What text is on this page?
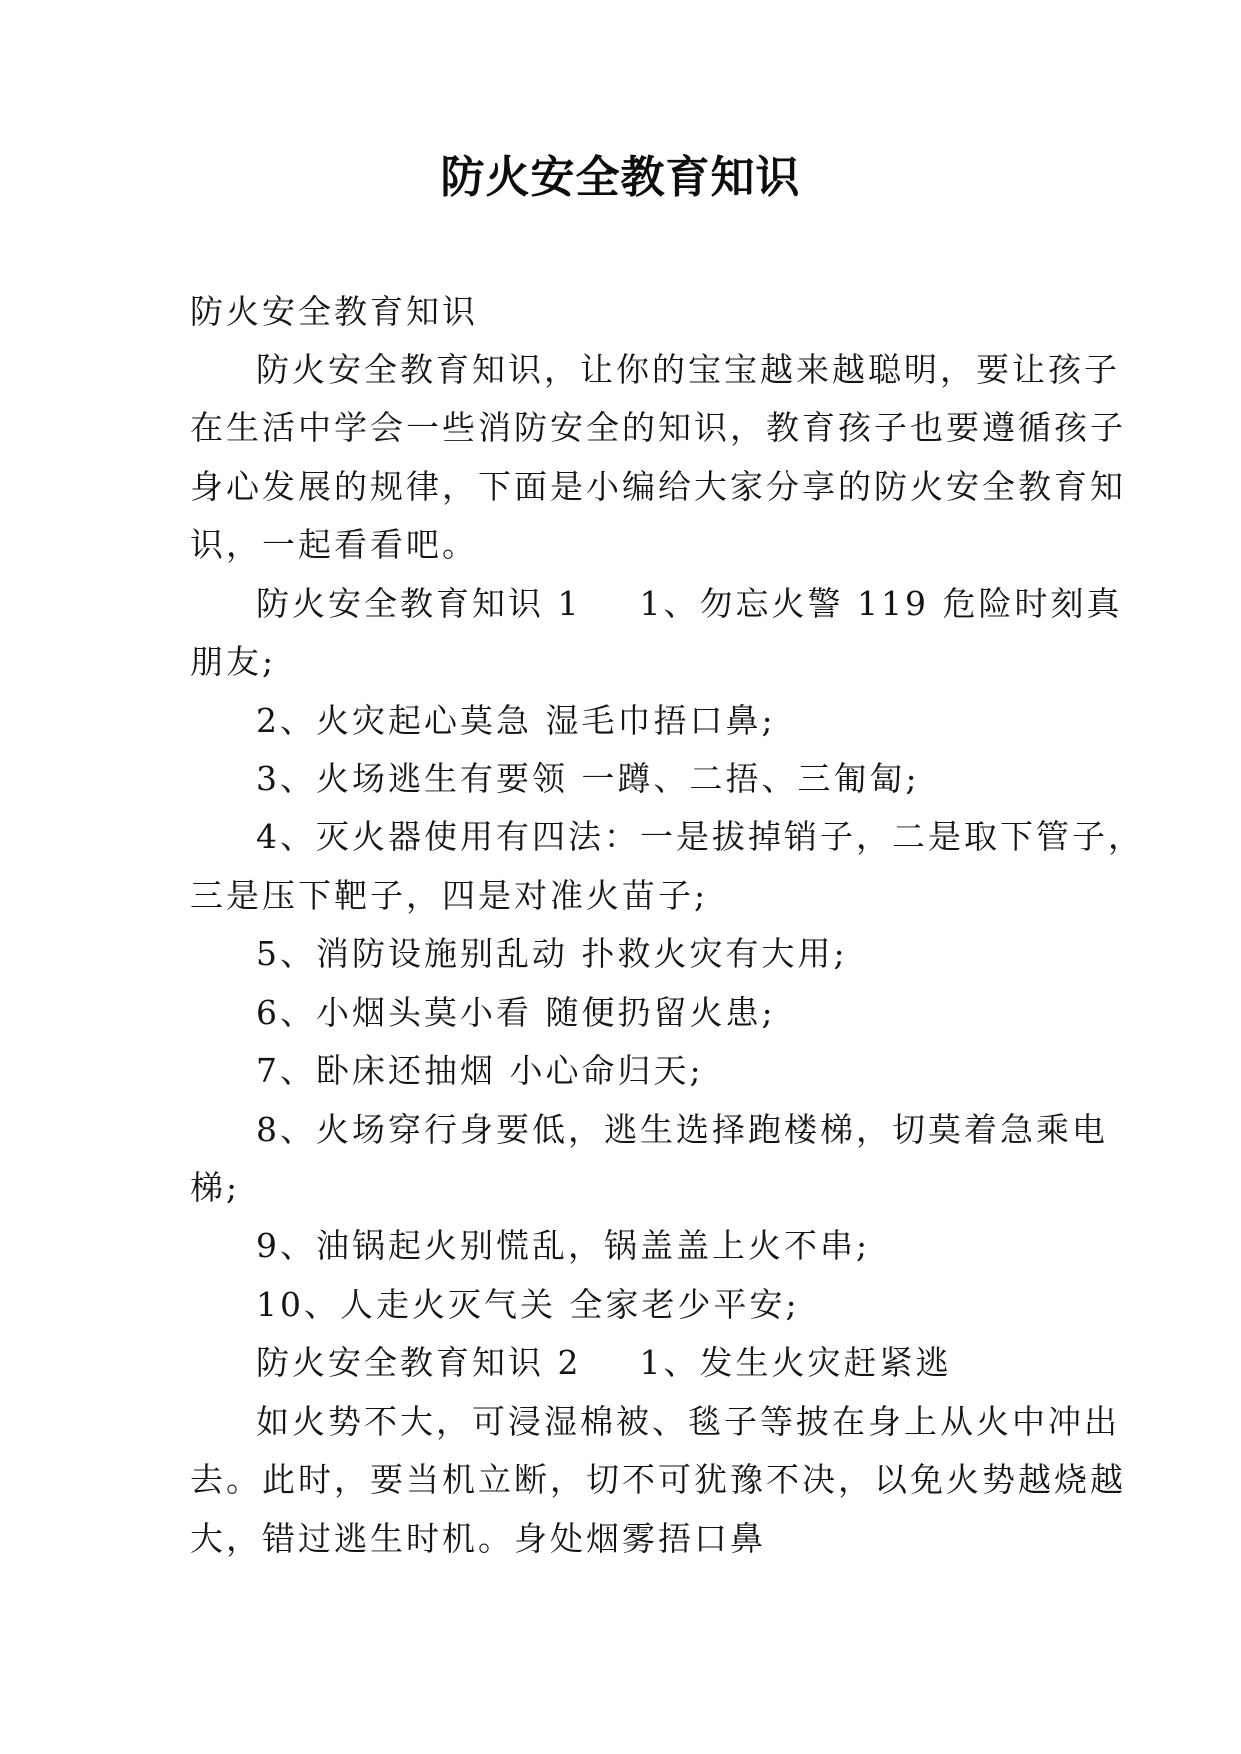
防火安全教育知识
防火安全教育知识
防火安全教育知识，让你的宝宝越来越聪明，要让孩子
在生活中学会一些消防安全的知识，教育孩子也要遵循孩子
身心发展的规律，下面是小编给大家分享的防火安全教育知
识，一起看看吧。
防火安全教育知识 1 1、勿忘火警 119 危险时刻真
朋友;
2、火灾起心莫急 湿毛巾捂口鼻;
3、火场逃生有要领 一蹲、二捂、三匍匐;
4、灭火器使用有四法：一是拔掉销子，二是取下管子，
三是压下靶子，四是对准火苗子;
5、消防设施别乱动 扑救火灾有大用;
6、小烟头莫小看 随便扔留火患;
7、卧床还抽烟 小心命归天;
8、火场穿行身要低，逃生选择跑楼梯，切莫着急乘电
梯;
9、油锅起火别慌乱，锅盖盖上火不串;
10、人走火灭气关 全家老少平安;
防火安全教育知识 2 1、发生火灾赶紧逃
如火势不大，可浸湿棉被、毯子等披在身上从火中冲出
去。此时，要当机立断，切不可犹豫不决，以免火势越烧越
大，错过逃生时机。身处烟雾捂口鼻
